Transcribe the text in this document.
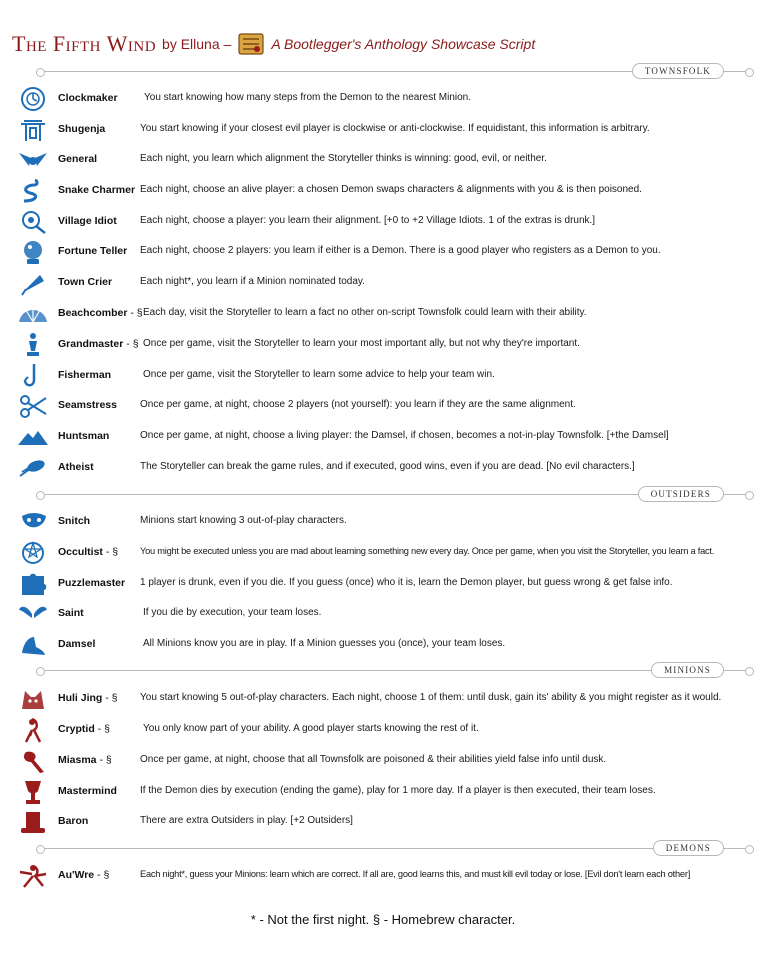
The Fifth Wind by Elluna –	A Bootlegger's Anthology Showcase Script
TOWNSFOLK
OUTSIDERS
MINIONS
DEMONS
Clockmaker	You start knowing how many steps from the Demon to the nearest Minion.
Shugenja	You start knowing if your closest evil player is clockwise or anti-clockwise. If equidistant, this information is arbitrary.
General	Each night, you learn which alignment the Storyteller thinks is winning: good, evil, or neither.
Snake Charmer Each night, choose an alive player: a chosen Demon swaps characters & alignments with you & is then poisoned.
Village Idiot Each night, choose a player: you learn their alignment. [+0 to +2 Village Idiots. 1 of the extras is drunk.]
Fortune Teller Each night, choose 2 players: you learn if either is a Demon. There is a good player who registers as a Demon to you.
Town Crier	Each night*, you learn if a Minion nominated today.
Beachcomber - § Each day, visit the Storyteller to learn a fact no other on-script Townsfolk could learn with their ability.
Grandmaster - § Once per game, visit the Storyteller to learn your most important ally, but not why they're important.
Fisherman	Once per game, visit the Storyteller to learn some advice to help your team win.
Seamstress Once per game, at night, choose 2 players (not yourself): you learn if they are the same alignment.
Huntsman	Once per game, at night, choose a living player: the Damsel, if chosen, becomes a not-in-play Townsfolk. [+the Damsel]
Atheist	The Storyteller can break the game rules, and if executed, good wins, even if you are dead. [No evil characters.]
Snitch	Minions start knowing 3 out-of-play characters.
Occultist - § You might be executed unless you are mad about learning something new every day. Once per game, when you visit the Storyteller, you learn a fact.
Puzzlemaster 1 player is drunk, even if you die. If you guess (once) who it is, learn the Demon player, but guess wrong & get false info.
Saint	If you die by execution, your team loses.
Damsel	All Minions know you are in play. If a Minion guesses you (once), your team loses.
Huli Jing - § You start knowing 5 out-of-play characters. Each night, choose 1 of them: until dusk, gain its' ability & you might register as it would.
Cryptid - §	You only know part of your ability. A good player starts knowing the rest of it.
Miasma - §	Once per game, at night, choose that all Townsfolk are poisoned & their abilities yield false info until dusk.
Mastermind If the Demon dies by execution (ending the game), play for 1 more day. If a player is then executed, their team loses.
Baron	There are extra Outsiders in play. [+2 Outsiders]
Au'Wre - §	Each night*, guess your Minions: learn which are correct. If all are, good learns this, and must kill evil today or lose. [Evil don't learn each other]
* - Not the first night. § - Homebrew character.
